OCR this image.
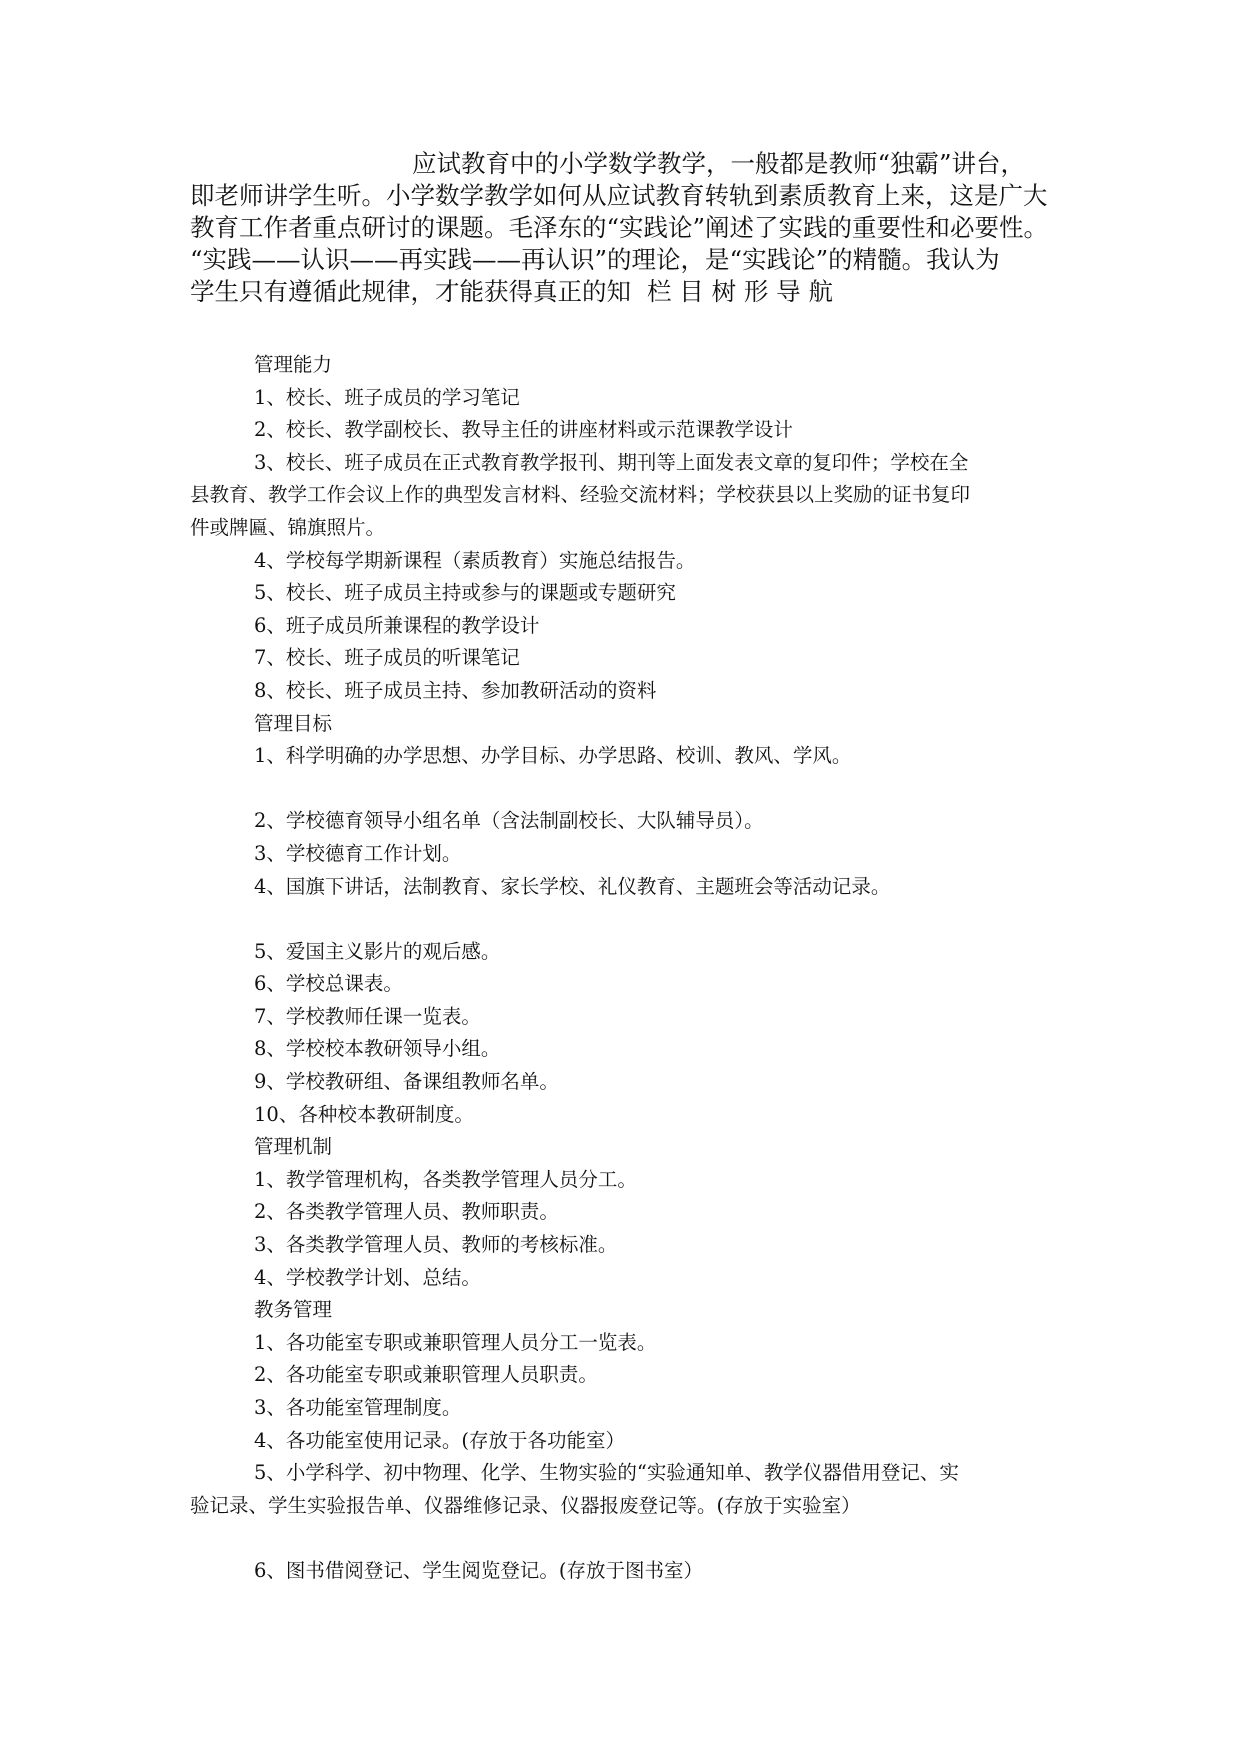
应试教育中的小学数学教学，一般都是教师“独霸”讲台，
即老师讲学生听。小学数学教学如何从应试教育转轨到素质教育上来，这是广大
教育工作者重点研讨的课题。毛泽东的“实践论”阐述了实践的重要性和必要性。
“实践——认识——再实践——再认识”的理论，是“实践论”的精髓。我认为
学生只有遵循此规律，才能获得真正的知 栏 目 树 形 导 航
管理能力
1、校长、班子成员的学习笔记
2、校长、教学副校长、教导主任的讲座材料或示范课教学设计
3、校长、班子成员在正式教育教学报刊、期刊等上面发表文章的复印件；学校在全
县教育、教学工作会议上作的典型发言材料、经验交流材料；学校获县以上奖励的证书复印
件或牌匾、锦旗照片。
4、学校每学期新课程（素质教育）实施总结报告。
5、校长、班子成员主持或参与的课题或专题研究
6、班子成员所兼课程的教学设计
7、校长、班子成员的听课笔记
8、校长、班子成员主持、参加教研活动的资料
管理目标
1、科学明确的办学思想、办学目标、办学思路、校训、教风、学风。
2、学校德育领导小组名单（含法制副校长、大队辅导员）。
3、学校德育工作计划。
4、国旗下讲话，法制教育、家长学校、礼仪教育、主题班会等活动记录。
5、爱国主义影片的观后感。
6、学校总课表。
7、学校教师任课一览表。
8、学校校本教研领导小组。
9、学校教研组、备课组教师名单。
10、各种校本教研制度。
管理机制
1、教学管理机构，各类教学管理人员分工。
2、各类教学管理人员、教师职责。
3、各类教学管理人员、教师的考核标准。
4、学校教学计划、总结。
教务管理
1、各功能室专职或兼职管理人员分工一览表。
2、各功能室专职或兼职管理人员职责。
3、各功能室管理制度。
4、各功能室使用记录。(存放于各功能室）
5、小学科学、初中物理、化学、生物实验的“实验通知单、教学仪器借用登记、实
验记录、学生实验报告单、仪器维修记录、仪器报废登记等。(存放于实验室）
6、图书借阅登记、学生阅览登记。(存放于图书室）
